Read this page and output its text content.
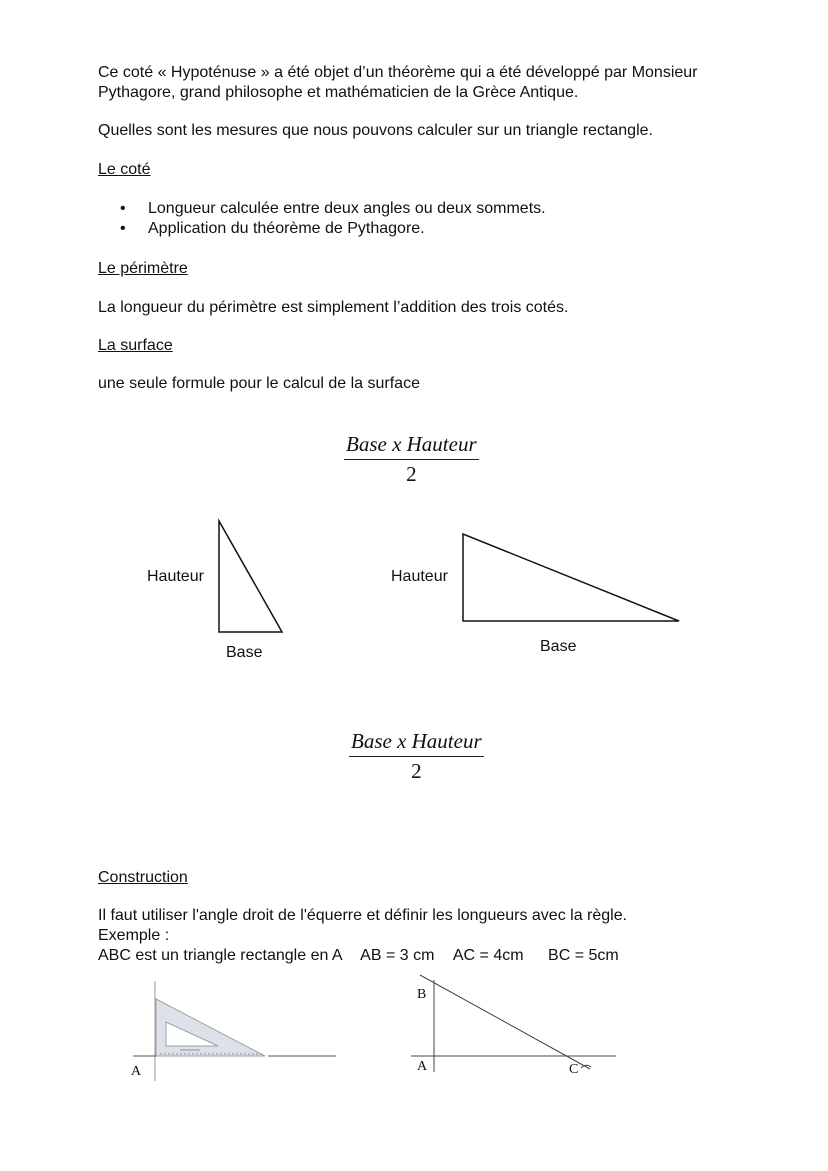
Ce coté « Hypoténuse » a été objet d’un théorème qui a été développé par Monsieur
Pythagore, grand philosophe et mathématicien de la Grèce Antique.
Quelles sont les mesures que nous pouvons calculer sur un triangle rectangle.
Le coté
•	Longueur calculée entre deux angles ou deux sommets.
•	Application du théorème de Pythagore.
Le périmètre
La longueur du périmètre est simplement l’addition des trois cotés.
La surface
une seule formule pour le calcul de la surface
Base x Hauteur
2
Hauteur
Base
Hauteur
Base
Base x Hauteur
2
Construction
Il faut utiliser l'angle droit de l'équerre et définir les longueurs avec la règle.
Exemple :
ABC est un triangle rectangle en A AB = 3 cm AC = 4cm BC = 5cm
A
B
A	C
